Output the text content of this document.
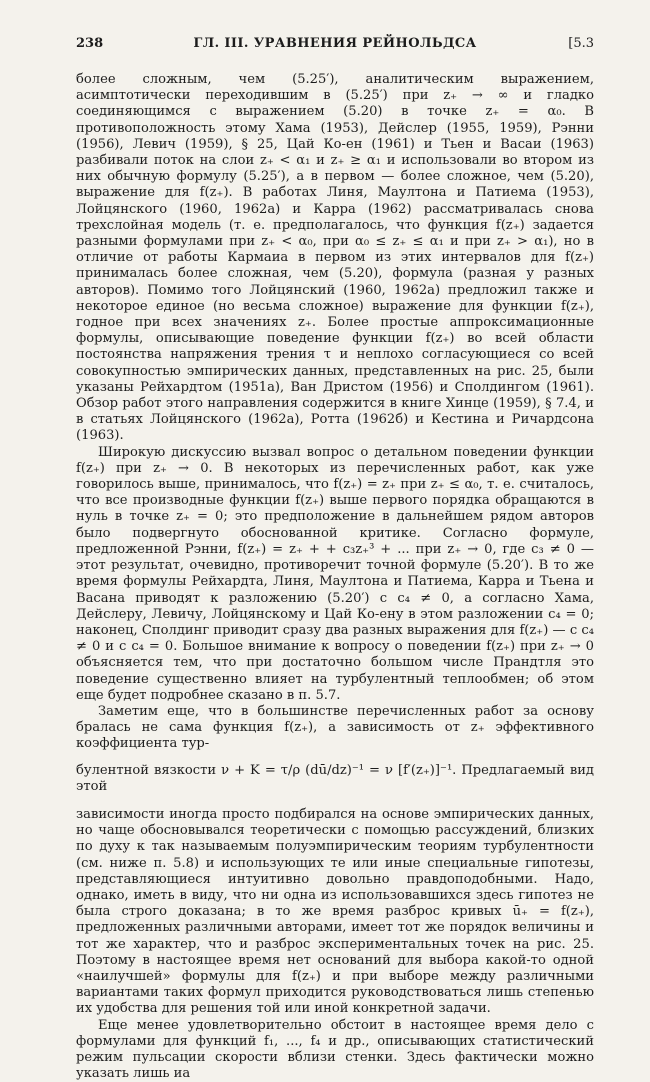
238	ГЛ. III. УРАВНЕНИЯ РЕЙНОЛЬДСА	[5.3

более сложным, чем (5.25′), аналитическим выражением, асимптотически переходившим в (5.25′) при z₊ → ∞ и гладко соединяющимся с выражением (5.20) в точке z₊ = α₀. В противоположность этому Хама (1953), Дейслер (1955, 1959), Рэнни (1956), Левич (1959), § 25, Цай Ко-ен (1961) и Тьен и Васаи (1963) разбивали поток на слои z₊ < α₁ и z₊ ≥ α₁ и использовали во втором из них обычную формулу (5.25′), а в первом — более сложное, чем (5.20), выражение для f(z₊). В работах Линя, Маултона и Патиема (1953), Лойцянского (1960, 1962а) и Карра (1962) рассматривалась снова трехслойная модель (т. е. предполагалось, что функция f(z₊) задается разными формулами при z₊ < α₀, при α₀ ≤ z₊ ≤ α₁ и при z₊ > α₁), но в отличие от работы Кармаиа в первом из этих интервалов для f(z₊) принималась более сложная, чем (5.20), формула (разная у разных авторов). Помимо того Лойцянский (1960, 1962а) предложил также и некоторое единое (но весьма сложное) выражение для функции f(z₊), годное при всех значениях z₊. Более простые аппроксимационные формулы, описывающие поведение функции f(z₊) во всей области постоянства напряжения трения τ и неплохо согласующиеся со всей совокупностью эмпирических данных, представленных на рис. 25, были указаны Рейхардтом (1951а), Ван Дристом (1956) и Сполдингом (1961). Обзор работ этого направления содержится в книге Хинце (1959), § 7.4, и в статьях Лойцянского (1962а), Ротта (1962б) и Кестина и Ричардсона (1963).

Широкую дискуссию вызвал вопрос о детальном поведении функции f(z₊) при z₊ → 0. В некоторых из перечисленных работ, как уже говорилось выше, принималось, что f(z₊) = z₊ при z₊ ≤ α₀, т. е. считалось, что все производные функции f(z₊) выше первого порядка обращаются в нуль в точке z₊ = 0; это предположение в дальнейшем рядом авторов было подвергнуто обоснованной критике. Согласно формуле, предложенной Рэнни, f(z₊) = z₊ + + c₃z₊³ + ... при z₊ → 0, где c₃ ≠ 0 — этот результат, очевидно, противоречит точной формуле (5.20′). В то же время формулы Рейхардта, Линя, Маултона и Патиема, Карра и Тьена и Васана приводят к разложению (5.20′) с c₄ ≠ 0, а согласно Хама, Дейслеру, Левичу, Лойцянскому и Цай Ко-ену в этом разложении c₄ = 0; наконец, Сполдинг приводит сразу два разных выражения для f(z₊) — с c₄ ≠ 0 и с c₄ = 0. Большое внимание к вопросу о поведении f(z₊) при z₊ → 0 объясняется тем, что при достаточно большом числе Прандтля это поведение существенно влияет на турбулентный теплообмен; об этом еще будет подробнее сказано в п. 5.7.

Заметим еще, что в большинстве перечисленных работ за основу бралась не сама функция f(z₊), а зависимость от z₊ эффективного коэффициента тур-

булентной вязкости ν + K = τ/ρ (dū/dz)⁻¹ = ν [f′(z₊)]⁻¹. Предлагаемый вид этой

зависимости иногда просто подбирался на основе эмпирических данных, но чаще обосновывался теоретически с помощью рассуждений, близких по духу к так называемым полуэмпирическим теориям турбулентности (см. ниже п. 5.8) и использующих те или иные специальные гипотезы, представляющиеся интуитивно довольно правдоподобными. Надо, однако, иметь в виду, что ни одна из использовавшихся здесь гипотез не была строго доказана; в то же время разброс кривых ū₊ = f(z₊), предложенных различными авторами, имеет тот же порядок величины и тот же характер, что и разброс экспериментальных точек на рис. 25. Поэтому в настоящее время нет оснований для выбора какой-то одной «наилучшей» формулы для f(z₊) и при выборе между различными вариантами таких формул приходится руководствоваться лишь степенью их удобства для решения той или иной конкретной задачи.

Еще менее удовлетворительно обстоит в настоящее время дело с формулами для функций f₁, ..., f₄ и др., описывающих статистический режим пульсации скорости вблизи стенки. Здесь фактически можно указать лишь иа
